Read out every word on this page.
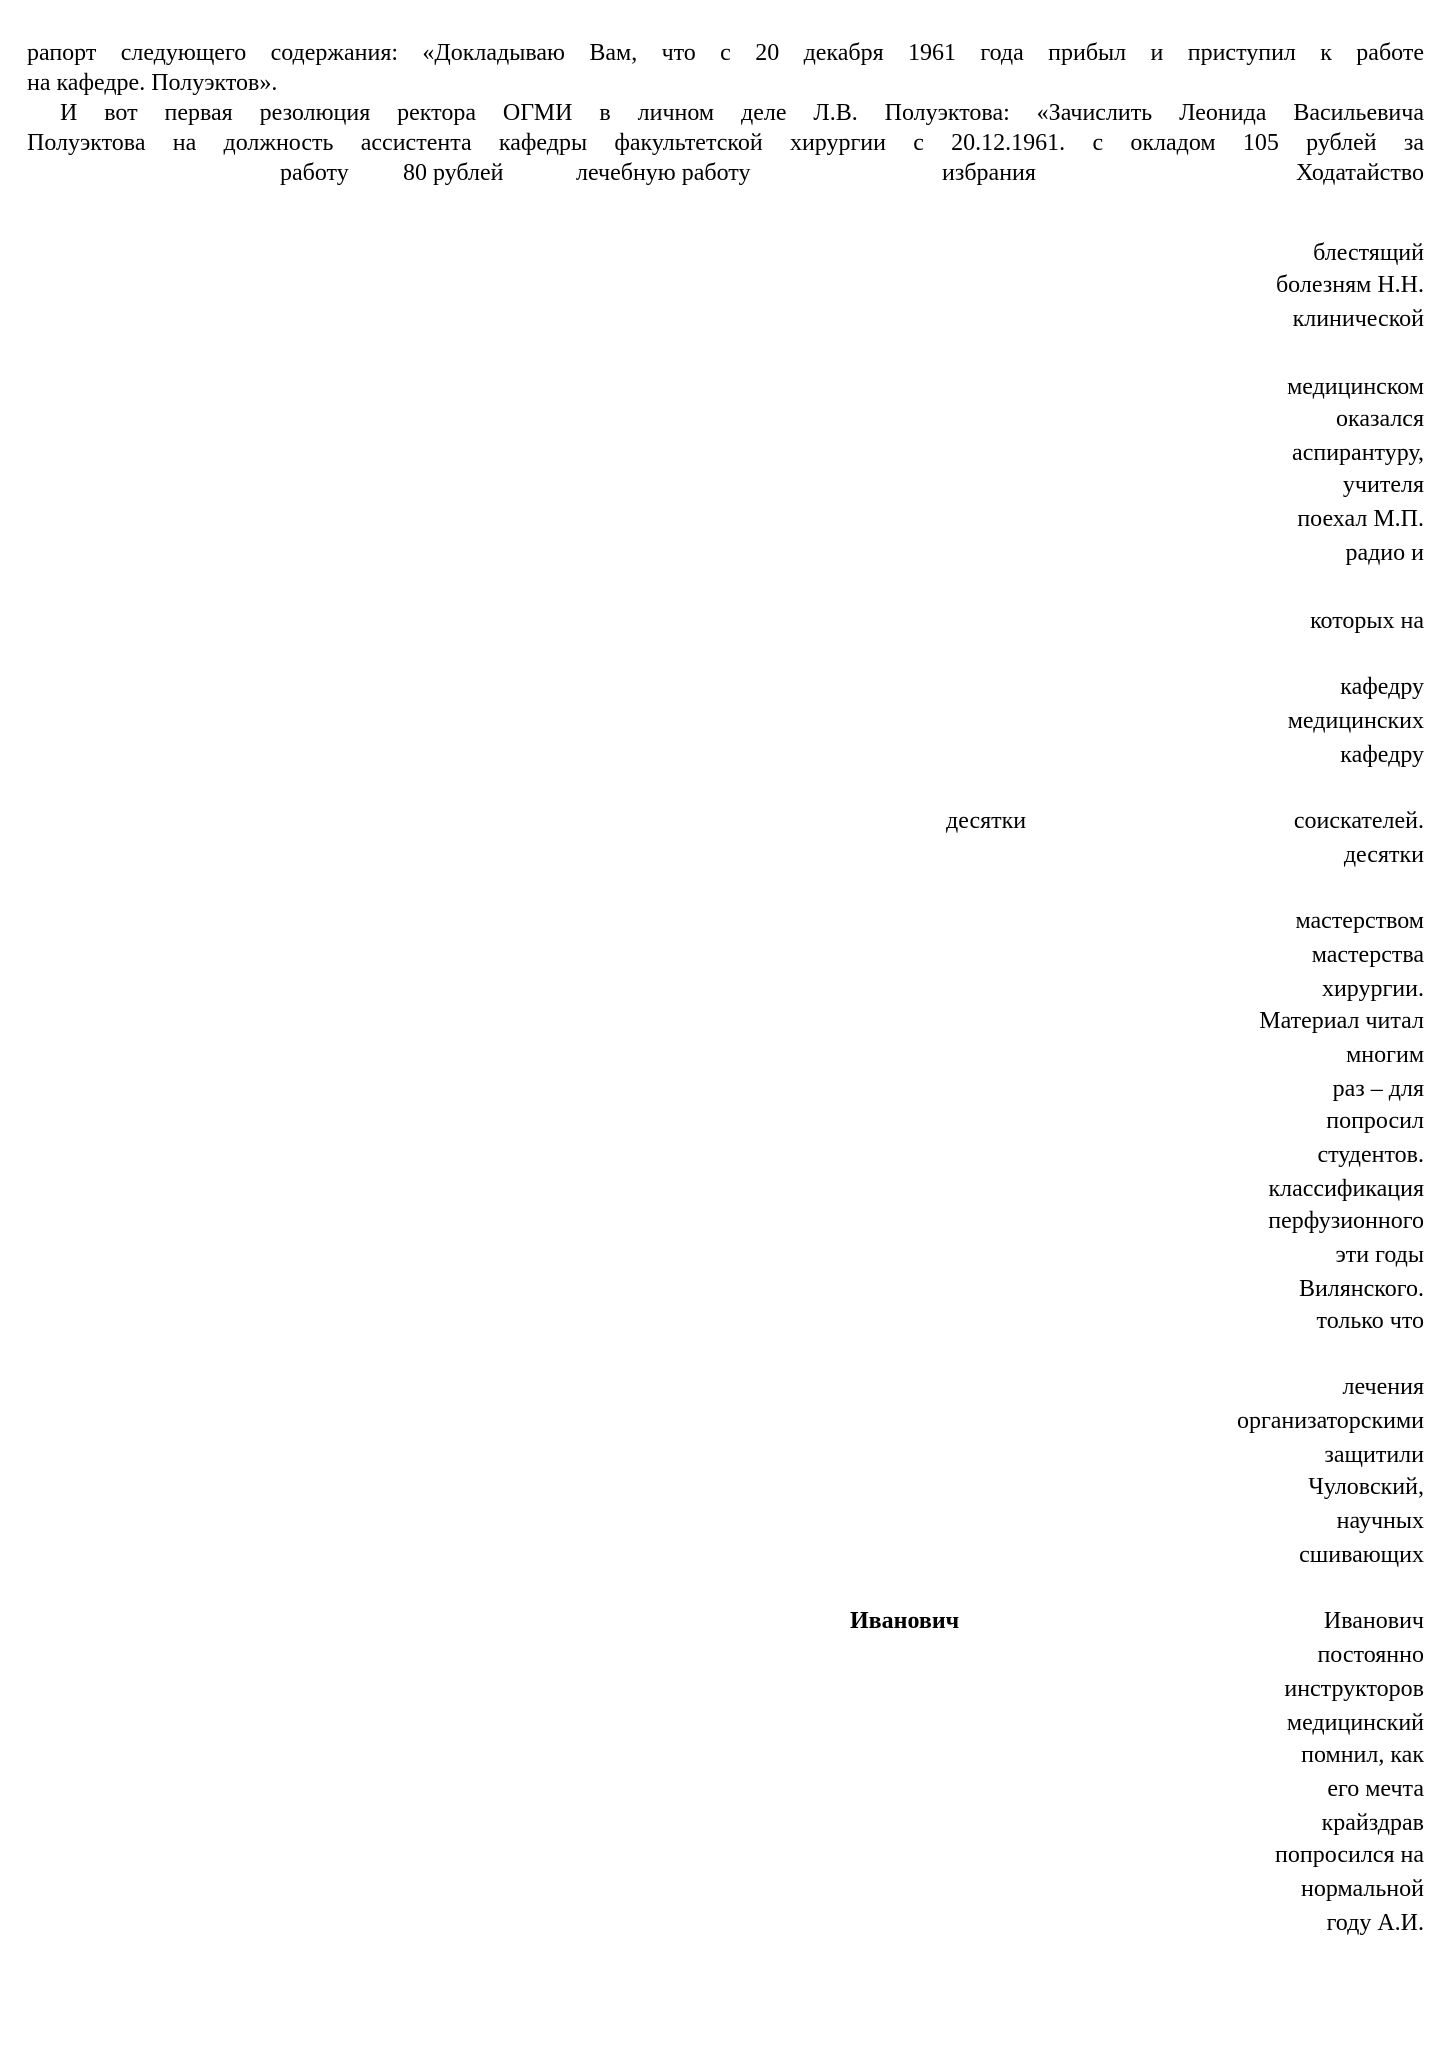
рапорт следующего содержания: «Докладываю Вам, что с 20 декабря 1961 года прибыл и приступил к работе
на кафедре. Полуэктов».
И вот первая резолюция ректора ОГМИ в личном деле Л.В. Полуэктова: «Зачислить Леонида Васильевича
Полуэктова на должность ассистента кафедры факультетской хирургии с 20.12.1961. с окладом 105 рублей за
работу 80 рублей	лечебную работу	избрания	Ходатайство
десятки
Иванович
блестящий
болезням Н.Н.
клинической
медицинском
оказался
аспирантуру,
учителя
поехал М.П.
радио и
которых на
кафедру
медицинских
кафедру
соискателей.
десятки
мастерством
мастерства
хирургии.
Материал читал
многим
раз – для
попросил
студентов.
классификация
перфузионного
эти годы
Вилянского.
только что
лечения
организаторскими
защитили
Чуловский,
научных
сшивающих
Иванович
постоянно
инструкторов
медицинский
помнил, как
его мечта
крайздрав
попросился на
нормальной
году А.И.
